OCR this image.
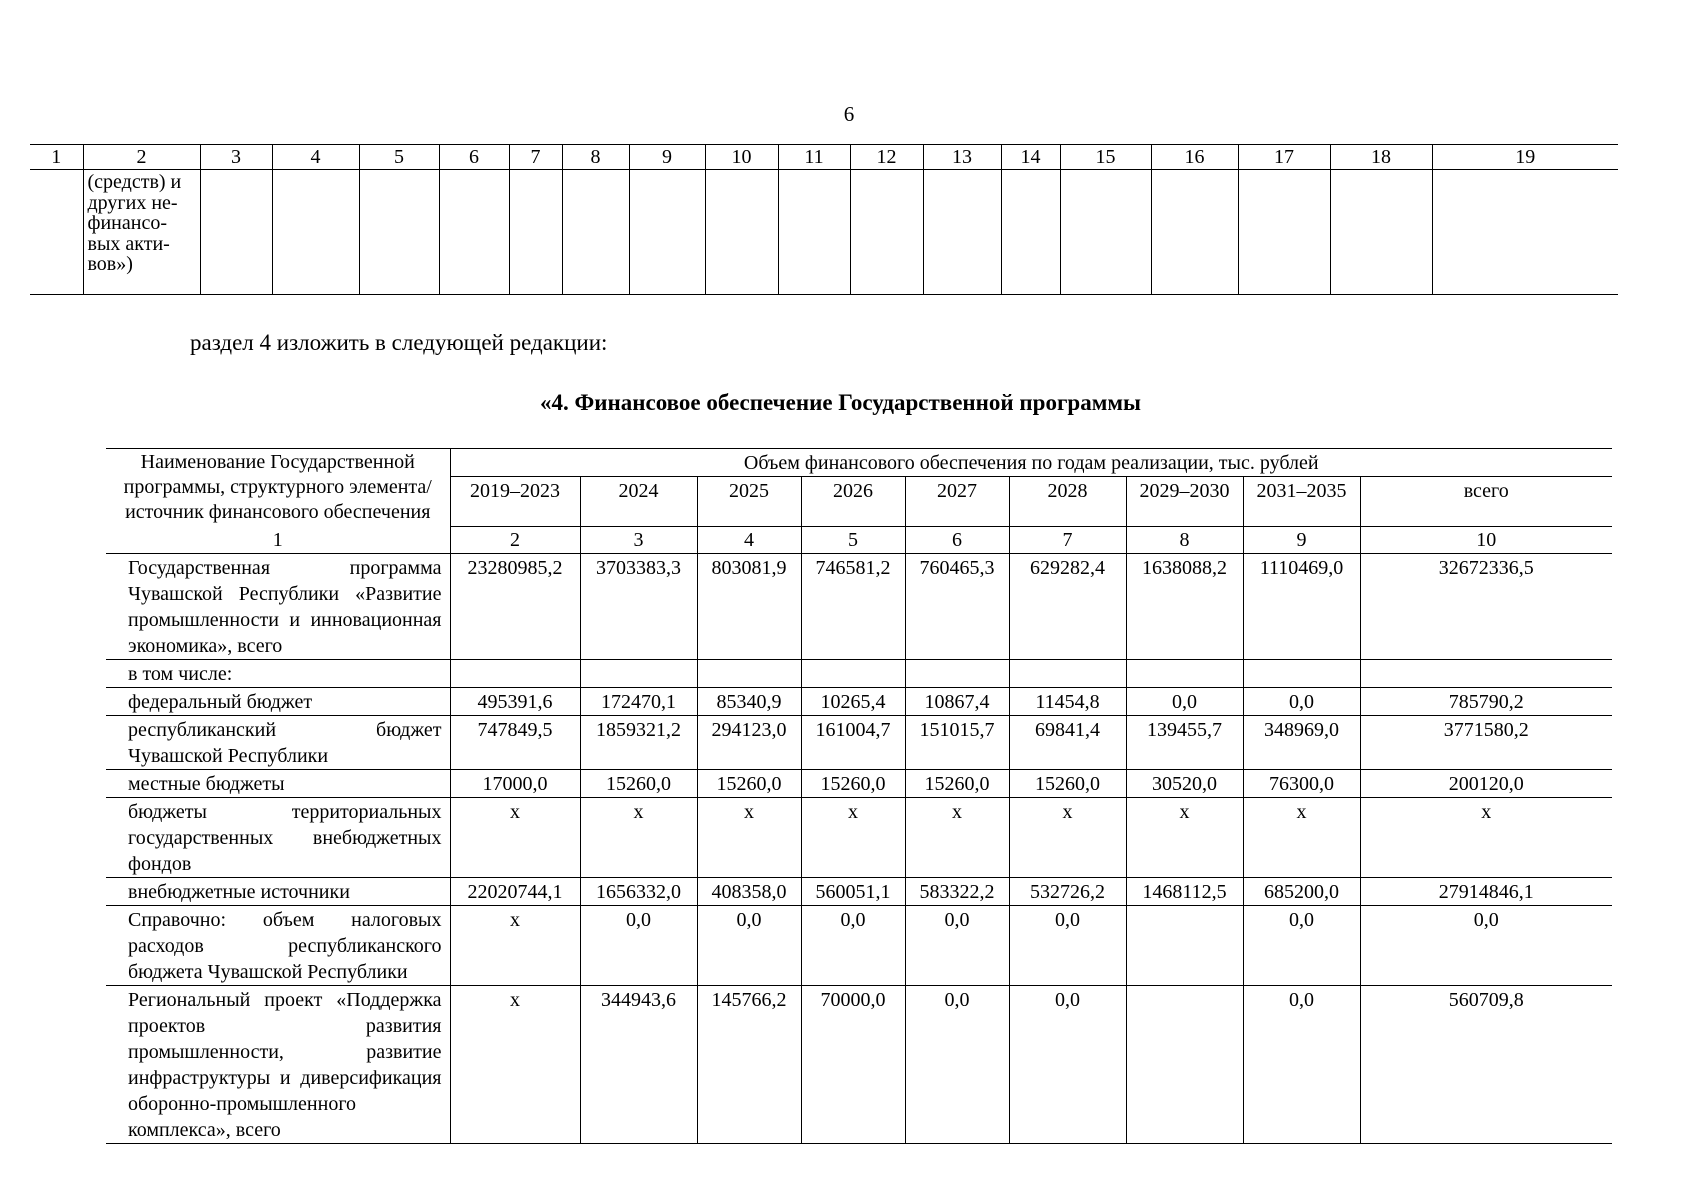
6
1	2	3	4	5	6	7	8	9	10	11	12	13	14	15	16	17	18	19

	(средств) и
других не-
финансо-
вых акти-
вов»)																	

раздел 4 изложить в следующей редакции:
«4. Финансовое обеспечение Государственной программы
Наименование Государственной программы, структурного элемента/ источник финансового обеспечения	Объем финансового обеспечения по годам реализации, тыс. рублей								
	2019–2023	2024	2025	2026	2027	2028	2029–2030	2031–2035	всего
1	2	3	4	5	6	7	8	9	10
Государственная программа Чувашской Республики «Развитие промышленности и инновационная экономика», всего	23280985,2	3703383,3	803081,9	746581,2	760465,3	629282,4	1638088,2	1110469,0	32672336,5
в том числе:									
федеральный бюджет	495391,6	172470,1	85340,9	10265,4	10867,4	11454,8	0,0	0,0	785790,2
республиканский бюджет Чувашской Республики	747849,5	1859321,2	294123,0	161004,7	151015,7	69841,4	139455,7	348969,0	3771580,2
местные бюджеты	17000,0	15260,0	15260,0	15260,0	15260,0	15260,0	30520,0	76300,0	200120,0
бюджеты территориальных государственных внебюджетных фондов	x	x	x	x	x	x	x	x	x
внебюджетные источники	22020744,1	1656332,0	408358,0	560051,1	583322,2	532726,2	1468112,5	685200,0	27914846,1
Справочно: объем налоговых расходов республиканского бюджета Чувашской Республики	x	0,0	0,0	0,0	0,0	0,0		0,0	0,0
Региональный проект «Поддержка проектов развития промышленности, развитие инфраструктуры и диверсификация оборонно-промышленного комплекса», всего	x	344943,6	145766,2	70000,0	0,0	0,0		0,0	560709,8
